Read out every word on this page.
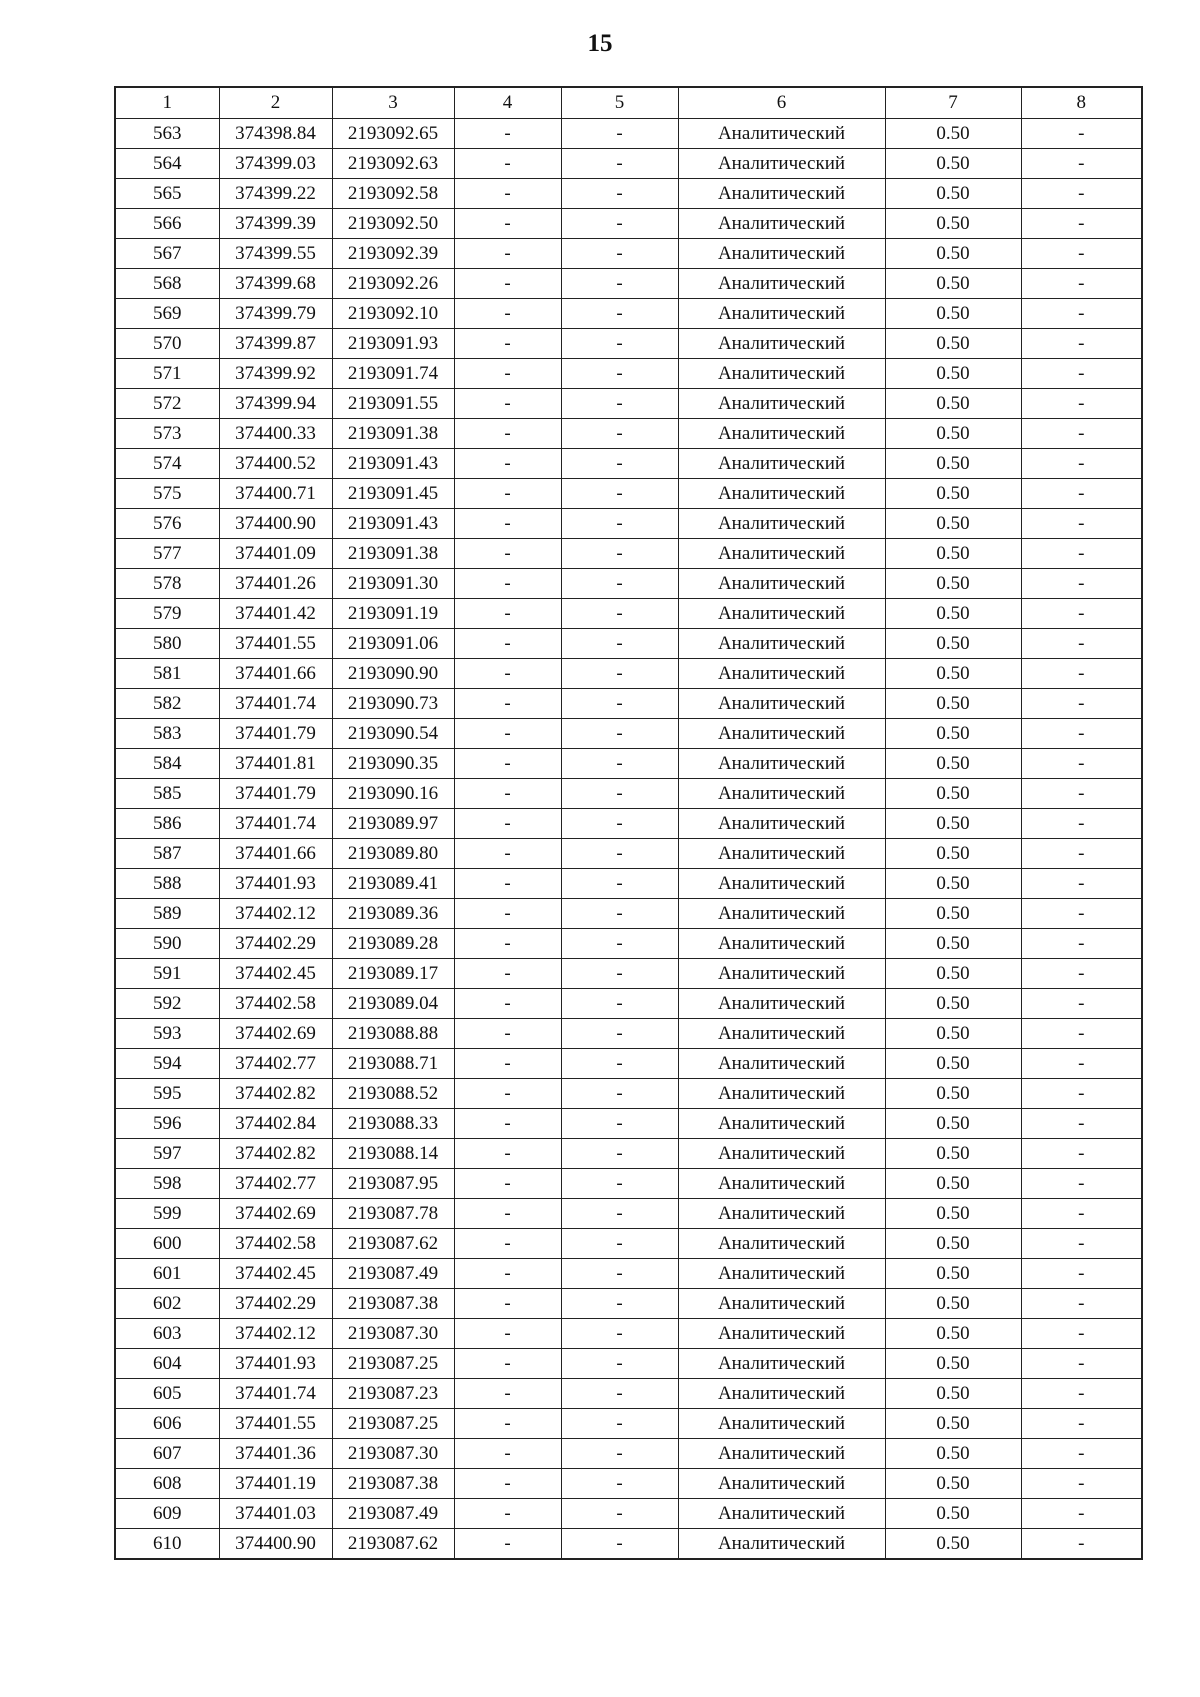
15
1	2	3	4	5	6	7	8
563	374398.84	2193092.65	-	-	Аналитический	0.50	-
564	374399.03	2193092.63	-	-	Аналитический	0.50	-
565	374399.22	2193092.58	-	-	Аналитический	0.50	-
566	374399.39	2193092.50	-	-	Аналитический	0.50	-
567	374399.55	2193092.39	-	-	Аналитический	0.50	-
568	374399.68	2193092.26	-	-	Аналитический	0.50	-
569	374399.79	2193092.10	-	-	Аналитический	0.50	-
570	374399.87	2193091.93	-	-	Аналитический	0.50	-
571	374399.92	2193091.74	-	-	Аналитический	0.50	-
572	374399.94	2193091.55	-	-	Аналитический	0.50	-
573	374400.33	2193091.38	-	-	Аналитический	0.50	-
574	374400.52	2193091.43	-	-	Аналитический	0.50	-
575	374400.71	2193091.45	-	-	Аналитический	0.50	-
576	374400.90	2193091.43	-	-	Аналитический	0.50	-
577	374401.09	2193091.38	-	-	Аналитический	0.50	-
578	374401.26	2193091.30	-	-	Аналитический	0.50	-
579	374401.42	2193091.19	-	-	Аналитический	0.50	-
580	374401.55	2193091.06	-	-	Аналитический	0.50	-
581	374401.66	2193090.90	-	-	Аналитический	0.50	-
582	374401.74	2193090.73	-	-	Аналитический	0.50	-
583	374401.79	2193090.54	-	-	Аналитический	0.50	-
584	374401.81	2193090.35	-	-	Аналитический	0.50	-
585	374401.79	2193090.16	-	-	Аналитический	0.50	-
586	374401.74	2193089.97	-	-	Аналитический	0.50	-
587	374401.66	2193089.80	-	-	Аналитический	0.50	-
588	374401.93	2193089.41	-	-	Аналитический	0.50	-
589	374402.12	2193089.36	-	-	Аналитический	0.50	-
590	374402.29	2193089.28	-	-	Аналитический	0.50	-
591	374402.45	2193089.17	-	-	Аналитический	0.50	-
592	374402.58	2193089.04	-	-	Аналитический	0.50	-
593	374402.69	2193088.88	-	-	Аналитический	0.50	-
594	374402.77	2193088.71	-	-	Аналитический	0.50	-
595	374402.82	2193088.52	-	-	Аналитический	0.50	-
596	374402.84	2193088.33	-	-	Аналитический	0.50	-
597	374402.82	2193088.14	-	-	Аналитический	0.50	-
598	374402.77	2193087.95	-	-	Аналитический	0.50	-
599	374402.69	2193087.78	-	-	Аналитический	0.50	-
600	374402.58	2193087.62	-	-	Аналитический	0.50	-
601	374402.45	2193087.49	-	-	Аналитический	0.50	-
602	374402.29	2193087.38	-	-	Аналитический	0.50	-
603	374402.12	2193087.30	-	-	Аналитический	0.50	-
604	374401.93	2193087.25	-	-	Аналитический	0.50	-
605	374401.74	2193087.23	-	-	Аналитический	0.50	-
606	374401.55	2193087.25	-	-	Аналитический	0.50	-
607	374401.36	2193087.30	-	-	Аналитический	0.50	-
608	374401.19	2193087.38	-	-	Аналитический	0.50	-
609	374401.03	2193087.49	-	-	Аналитический	0.50	-
610	374400.90	2193087.62	-	-	Аналитический	0.50	-
